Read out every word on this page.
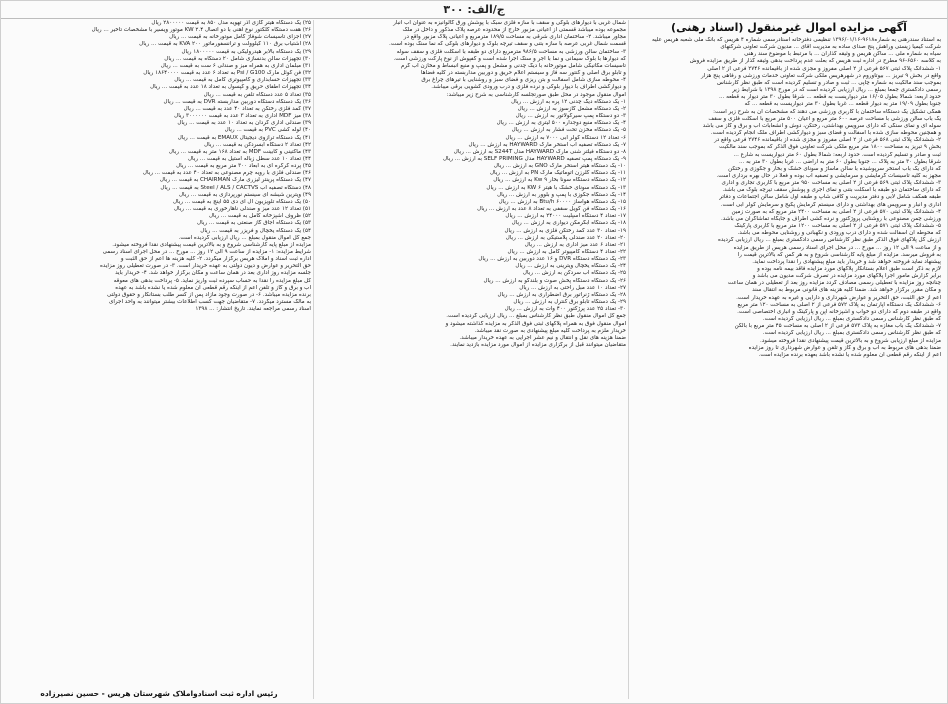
ج/الف: ۳۰۰
آگهی مزایده اموال غیرمنقول (اسناد رهنی)
به استناد سندرهنی به شماره۹۶۱۸-۱۳۹۶/۰۱/۱۶ تنظیمی دفترخانه اسنادرسمی شماره ۴ هریس که بانک ملی شعبه هریس علیه
شرکت کیمیا زیستی وراهش پنج صدای ساده به مدیریت آقای ... مدیون شرکت تعاونی شرکتهای
سیاه به شماره ملی ... ساکن هریس و وثیقه گذاران ... با مرتبط با موضوع سند رهنی
به کلاسه ۶۵۶۰-۹۶ مطرح در اداره ثبت هریس که بعلت عدم پرداخت بدهی وثیقه گذار از طریق مزایده فروش
۱- ششدانگ پلاک ثبتی ۵۶۷ فرعی از ۲ اصلی مفروز و مجزی شده از باقیمانده ۲۷۴۶ فرعی از ۲ اصلی
واقع در بخش ۹ تبریز ... بیوتاوروم در شهرهریس ملکی شرکت تعاونی خدمات ورزشی و رفاهی پنج هزار
بموجب سند مالکیت به شماره چاپی ... ثبت و صادر و تسلیم گردیده است که طبق نظر کارشناس
رسمی دادگستری جمعا بمبلغ ... ریال ارزیابی گردیده است که در مورخ ۱۳۹۸ با شرایط زیر
حدود اربعه: شمالاً بطول ۱۶/۰۵ متر دیواریست به قطعه ... شرقاً بطول ۳۰ متر دیوار به قطعه ...
جنوباً بطول ۱۹/۰۹ متر به دیوار قطعه ... غرباً بطول ۳۰ متر دیواریست به قطعه ... که
همگی تشکیل یک دستگاه ساختمان با کاربری ورزشی می دهند که مشخصات آن به شرح زیر است:
یک باب سالن ورزشی با مساحت عرصه ۶۰۰ متر مربع و اعیان ۵۰۰ متر مربع با اسکلت فلزی و سقف
سوله ای و نمای سنگی که دارای سرویس بهداشتی، رختکن، دوش و انشعابات آب و برق و گاز می باشد
و همچنین محوطه سازی شده با آسفالت و فضای سبز و دیوارکشی اطراف ملک انجام گردیده است.
۲- ششدانگ پلاک ثبتی ۵۶۸ فرعی از ۲ اصلی مفروز و مجزی شده از باقیمانده ۲۷۴۶ فرعی واقع در
بخش ۹ تبریز به مساحت ۱۸۰۰ متر مربع ملکی شرکت تعاونی فوق الذکر که بموجب سند مالکیت
ثبت و صادر و تسلیم گردیده است. حدود اربعه: شمالاً بطول ۶۰ متر دیواریست به شارع ...
شرقاً بطول ۳۰ متر به پلاک ... جنوباً بطول ۶۰ متر به اراضی ... غرباً بطول ۳۰ متر به ...
که دارای یک باب استخر سرپوشیده با سالن ماساژ و سونای خشک و بخار و جکوزی و رختکن
مجهز به کلیه تاسیسات گرمایشی و سرمایشی و تصفیه آب بوده و فعلاً در حال بهره برداری است.
۳- ششدانگ پلاک ثبتی ۵۶۹ فرعی از ۲ اصلی به مساحت ۹۵۰ متر مربع با کاربری تجاری و اداری
که دارای ساختمان دو طبقه با اسکلت بتنی و نمای آجری و پوشش سقف تیرچه بلوک می باشد.
طبقه همکف شامل لابی و دفتر مدیریت و کافی شاپ و طبقه اول شامل سالن اجتماعات و دفاتر
اداری و انبار و سرویس های بهداشتی و دارای سیستم گرمایش پکیج و سرمایش کولر آبی است.
۴- ششدانگ پلاک ثبتی ۵۷۰ فرعی از ۲ اصلی به مساحت ۲۴۰۰ متر مربع که به صورت زمین
ورزشی چمن مصنوعی با روشنایی پروژکتور و نرده کشی اطراف و جایگاه تماشاگران می باشد.
۵- ششدانگ پلاک ثبتی ۵۷۱ فرعی از ۲ اصلی به مساحت ۱۲۰۰ متر مربع با کاربری پارکینگ
که محوطه آن آسفالت شده و دارای درب ورودی و نگهبانی و روشنایی محوطه می باشد.
ارزش کل پلاکهای فوق الذکر طبق نظر کارشناس رسمی دادگستری بمبلغ ... ریال ارزیابی گردیده
و از ساعت ۹ الی ۱۲ روز ... مورخ ... در محل اجرای اسناد رسمی هریس از طریق مزایده
به فروش میرسد. مزایده از مبلغ پایه کارشناسی شروع و به هر کس که بالاترین قیمت را
پیشنهاد نماید فروخته خواهد شد و خریدار باید مبلغ پیشنهادی را نقداً پرداخت نماید.
لازم به ذکر است طبق اعلام بستانکار پلاکهای مورد مزایده فاقد بیمه نامه بوده و
برابر گزارش مامور اجرا پلاکهای مورد مزایده در تصرف شرکت مدیون می باشد و
چنانچه روز مزایده با تعطیلی رسمی مصادف گردد مزایده روز بعد از تعطیلی در همان ساعت
و مکان مقرر برگزار خواهد شد. ضمناً کلیه هزینه های قانونی مربوط به انتقال سند
اعم از حق الثبت، حق التحریر و عوارض شهرداری و دارایی و غیره به عهده خریدار است.
۶- ششدانگ یک دستگاه آپارتمان به پلاک ۵۷۲ فرعی از ۲ اصلی به مساحت ۱۲۰ متر مربع
واقع در طبقه دوم که دارای دو خواب و آشپزخانه اپن و پارکینگ و انباری اختصاصی است.
که طبق نظر کارشناس رسمی دادگستری بمبلغ ... ریال ارزیابی گردیده است.
۷- ششدانگ یک باب مغازه به پلاک ۵۷۳ فرعی از ۲ اصلی به مساحت ۴۵ متر مربع با بالکن
که طبق نظر کارشناس رسمی دادگستری بمبلغ ... ریال ارزیابی گردیده است.
مزایده از مبلغ ارزیابی شروع و به بالاترین قیمت پیشنهادی نقداً فروخته میشود.
ضمناً بدهی های مربوط به آب و برق و گاز و تلفن و عوارض شهرداری تا روز مزایده
اعم از اینکه رقم قطعی آن معلوم شده یا نشده باشد بعهده برنده مزایده است.
شمال غربی با دیوارهای بلوکی و سقف با سازه فلزی سبک با پوشش ورق گالوانیزه به عنوان آب انبار
مجموعه بوده میباشد قسمتی از اعیانی مزبور خارج از محدوده عرصه پلاک مذکور و داخل در ملک
مجاور میباشد. ۲- ساختمان اداری شرقی به مساحت ۱۸۹/۵ مترمربع و اعیانی پلاک مزبور واقع در
قسمت شمال غربی عرصه با سازه بتنی و سقف تیرچه بلوک و دیوارهای بلوکی که نما سنگ بوده است.
۳- ساختمان سالن ورزشی به مساحت ۹۸۶/۵ مترمربع دارای دو طبقه با اسکلت فلزی و سقف سوله
که دیوارها با بلوک سیمانی و نما با آجر و سنگ اجرا شده است و کفپوش از نوع پارکت ورزشی است.
تاسیسات مکانیکی شامل موتورخانه با دیگ چدنی و مشعل و پمپ و منبع انبساط و مخازن آب گرم
و تابلو برق اصلی و کنتور سه فاز و سیستم اعلام حریق و دوربین مداربسته در کلیه فضاها
۴- محوطه سازی شامل آسفالت و بتن ریزی و فضای سبز و روشنایی با تیرهای چراغ برق
و دیوارکشی اطراف با دیوار بلوکی و نرده فلزی و درب ورودی کشویی برقی میباشد.
اموال منقول موجود در محل طبق صورتجلسه کارشناسی به شرح زیر میباشد:
۱- یک دستگاه دیگ چدنی ۱۲ پره به ارزش ... ریال
۲- یک دستگاه مشعل گازسوز به ارزش ... ریال
۳- دو دستگاه پمپ سیرکولاتور به ارزش ... ریال
۴- یک دستگاه منبع دوجداره ۵۰۰ لیتری به ارزش ... ریال
۵- یک دستگاه مخزن تحت فشار به ارزش ... ریال
۶- تعداد ۱۲ دستگاه کولر آبی ۷۰۰۰ به ارزش ... ریال
۷- یک دستگاه تصفیه آب استخر مارک HAYWARD به ارزش ... ریال
۸- دو دستگاه فیلتر شنی مارک HAYWARD مدل S244T به ارزش ... ریال
۹- یک دستگاه پمپ تصفیه HAYWARD مدل SELF PRIMING به ارزش ... ریال
۱۰- یک دستگاه هیتر استخر مارک GNO به ارزش ... ریال
۱۱- یک دستگاه کلرزن اتوماتیک مارک PN به ارزش ... ریال
۱۲- یک دستگاه دستگاه سونا بخار Kw ۹ به ارزش ... ریال
۱۳- یک دستگاه سونای خشک با هیتر ۶ KW به ارزش ... ریال
۱۴- یک دستگاه جکوزی با پمپ و بلوور به ارزش ... ریال
۱۵- یک دستگاه هواساز Btu/h ۶۰۰۰۰ به ارزش ... ریال
۱۶- یک دستگاه فن کویل سقفی به تعداد ۸ عدد به ارزش ... ریال
۱۷- تعداد ۴ دستگاه اسپلیت ۲۴۰۰۰ به ارزش ... ریال
۱۸- یک دستگاه آبگرمکن دیواری به ارزش ... ریال
۱۹- تعداد ۳۰ عدد کمد رختکن فلزی به ارزش ... ریال
۲۰- تعداد ۲۰ عدد صندلی پلاستیکی به ارزش ... ریال
۲۱- تعداد ۶ عدد میز اداری به ارزش ... ریال
۲۲- تعداد ۴ دستگاه کامپیوتر کامل به ارزش ... ریال
۲۳- یک دستگاه دستگاه DVR و ۱۶ عدد دوربین به ارزش ... ریال
۲۴- یک دستگاه یخچال ویترینی به ارزش ... ریال
۲۵- یک دستگاه آب سردکن به ارزش ... ریال
۲۶- یک دستگاه دستگاه پخش صوت و بلندگو به ارزش ... ریال
۲۷- تعداد ۱۰ عدد مبل راحتی به ارزش ... ریال
۲۸- یک دستگاه ژنراتور برق اضطراری به ارزش ... ریال
۲۹- یک دستگاه تابلو برق کنترل به ارزش ... ریال
۳۰- تعداد ۲۵ عدد پرژکتور ۴۰۰ وات به ارزش ... ریال
جمع کل اموال منقول طبق نظر کارشناس بمبلغ ... ریال ارزیابی گردیده است.
اموال منقول فوق به همراه پلاکهای ثبتی فوق الذکر به مزایده گذاشته میشود و
خریدار ملزم به پرداخت کلیه مبلغ پیشنهادی به صورت نقد میباشد.
ضمناً هزینه های نقل و انتقال و نیم عشر اجرایی به عهده خریدار میباشد.
متقاضیان میتوانند قبل از برگزاری مزایده از اموال مورد مزایده بازدید نمایند.
۲۵) یک دستگاه هیتر گازی آذر تهویه مدل ۸۵۰ به قیمت ۲۸۰۰۰۰۰ ریال
۲۶) هفت دستگاه کلکتور نوع آهنی با دو اتصال ۲.۴ KW موتور ویسیر با مشخصات تاخیر ... ریال
۲۷) اجزای تاسیسات شوفاژ کامل موتورخانه به قیمت ... ریال
۲۸) اشتیاب برق ۱۱۰ کیلوولت و ترانسفورماتور ۲۰۰ KVA به قیمت ... ریال
۲۹) یک دستگاه بالابر هیدرولیکی به قیمت ۱۸۰۰۰۰۰ ریال
۳۰) تجهیزات سالن بدنسازی شامل ۲۰ دستگاه به قیمت ... ریال
۳۱) مبلمان اداری به همراه میز و صندلی ۶ ست به قیمت ... ریال
۳۲) فن کوئل مارک Psi / G100 به تعداد ۶ عدد به قیمت ۱۸۶۴۰۰۰۰ ریال
۳۳) تجهیزات حسابداری و کامپیوتری کامل به قیمت ... ریال
۳۴) تجهیزات اطفای حریق و کپسول به تعداد ۱۸ عدد به قیمت ... ریال
۳۵) تعداد ۵ عدد دستگاه تلفن به قیمت ... ریال
۳۶) یک دستگاه دستگاه دوربین مداربسته DVR به قیمت ... ریال
۳۷) کمد فلزی رختکن به تعداد ۴۰ عدد به قیمت ... ریال
۳۸) میز MDF اداری به تعداد ۳ عدد به قیمت ۳۰۰۰۰۰۰ ریال
۳۹) صندلی اداری گردان به تعداد ۱۰ عدد به قیمت ... ریال
۴۰) لوله کشی PVC به قیمت ... ریال
۴۱) یک دستگاه ترازوی دیجیتال EMAUX به قیمت ... ریال
۴۲) تعداد ۲ دستگاه آبسردکن به قیمت ... ریال
۴۳) ماکتینی و کابینت MDF به تعداد ۱۶۸ متر به قیمت ... ریال
۴۴) تعداد ۱۰ عدد سطل زباله استیل به قیمت ... ریال
۴۵) پرده کرکره ای به ابعاد ۳۰۰ متر مربع به قیمت ... ریال
۴۶) صندلی فلزی با رویه چرم مصنوعی به تعداد ۴۰ عدد به قیمت ... ریال
۴۷) یک دستگاه پرینتر لیزری مارک CHAIRMAN به قیمت ... ریال
۴۸) دستگاه تصفیه آب Steel / ALS / CACTVS به قیمت ... ریال
۴۹) ویترین شیشه ای سیستم نورپردازی به قیمت ... ریال
۵۰) یک دستگاه تلویزیون ال ای دی ۵۵ اینچ به قیمت ... ریال
۵۱) تعداد ۱۲ عدد میز و صندلی ناهارخوری به قیمت ... ریال
۵۲) ظروف آشپزخانه کامل به قیمت ... ریال
۵۳) یک دستگاه اجاق گاز صنعتی به قیمت ... ریال
۵۴) یک دستگاه یخچال و فریزر به قیمت ... ریال
جمع کل اموال منقول بمبلغ ... ریال ارزیابی گردیده است.
مزایده از مبلغ پایه کارشناسی شروع و به بالاترین قیمت پیشنهادی نقداً فروخته میشود.
شرایط مزایده: ۱- مزایده از ساعت ۹ الی ۱۲ روز ... مورخ ... در محل اجرای اسناد رسمی
اداره ثبت اسناد و املاک هریس برگزار میگردد. ۲- کلیه هزینه ها اعم از حق الثبت و
حق التحریر و عوارض و دیون دولتی به عهده خریدار است. ۳- در صورت تعطیلی روز مزایده
جلسه مزایده روز اداری بعد در همان ساعت و مکان برگزار خواهد شد. ۴- خریدار باید
کل مبلغ مزایده را نقداً به حساب سپرده ثبت واریز نماید. ۵- پرداخت بدهی های معوقه
آب و برق و گاز و تلفن اعم از اینکه رقم قطعی آن معلوم شده یا نشده باشد به عهده
برنده مزایده میباشد. ۶- در صورت وجود مازاد پس از کسر طلب بستانکار و حقوق دولتی
به مالک مسترد میگردد. ۷- متقاضیان جهت کسب اطلاعات بیشتر میتوانند به واحد اجرای
اسناد رسمی مراجعه نمایند. تاریخ انتشار: ... ۱۳۹۸
رئیس اداره ثبت اسناد‌واملاک شهرستان هریس - حسین نصیرزاده
